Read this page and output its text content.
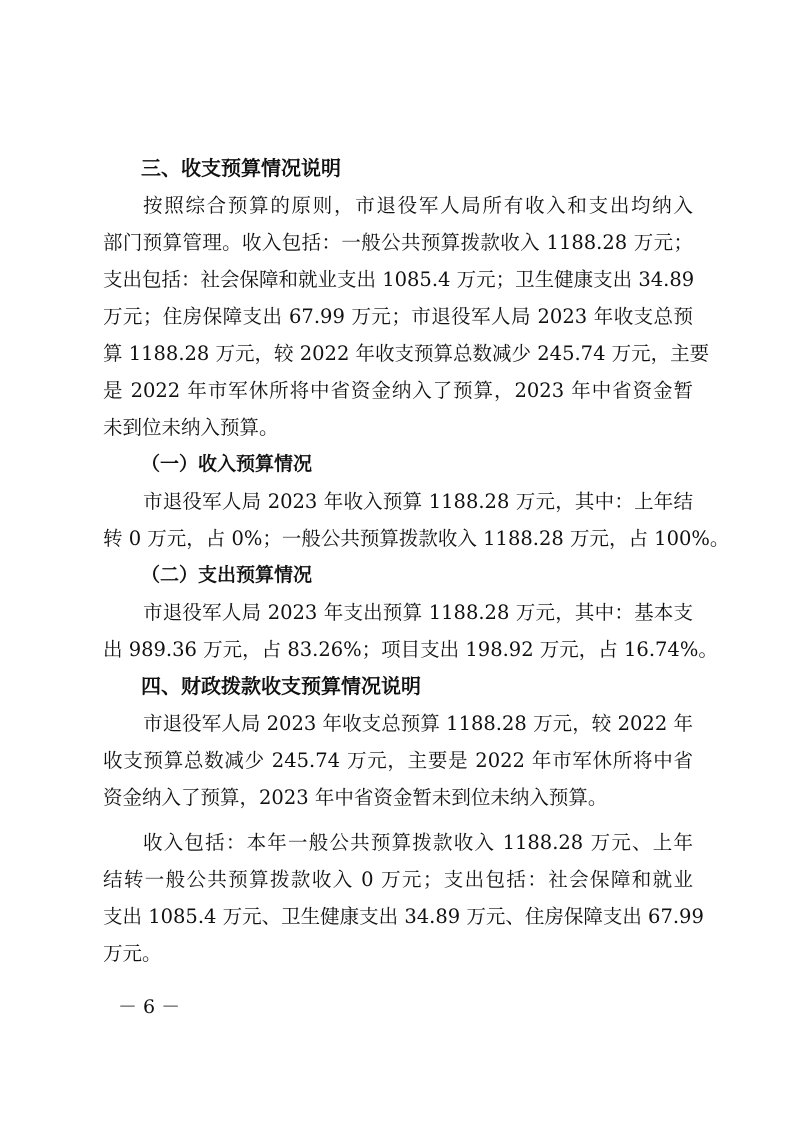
三、收支预算情况说明

按照综合预算的原则，市退役军人局所有收入和支出均纳入

部门预算管理。收入包括：一般公共预算拨款收入 1188.28 万元；

支出包括：社会保障和就业支出 1085.4 万元；卫生健康支出 34.89

万元；住房保障支出 67.99 万元；市退役军人局 2023 年收支总预

算 1188.28 万元，较 2022 年收支预算总数减少 245.74 万元，主要

是 2022 年市军休所将中省资金纳入了预算，2023 年中省资金暂

未到位未纳入预算。

（一）收入预算情况

市退役军人局 2023 年收入预算 1188.28 万元，其中：上年结

转 0 万元，占 0%；一般公共预算拨款收入 1188.28 万元，占 100%。

（二）支出预算情况

市退役军人局 2023 年支出预算 1188.28 万元，其中：基本支

出 989.36 万元，占 83.26%；项目支出 198.92 万元，占 16.74%。

四、财政拨款收支预算情况说明

市退役军人局 2023 年收支总预算 1188.28 万元，较 2022 年

收支预算总数减少 245.74 万元，主要是 2022 年市军休所将中省

资金纳入了预算，2023 年中省资金暂未到位未纳入预算。

收入包括：本年一般公共预算拨款收入 1188.28 万元、上年

结转一般公共预算拨款收入 0 万元；支出包括：社会保障和就业

支出 1085.4 万元、卫生健康支出 34.89 万元、住房保障支出 67.99

万元。

－ 6 －
